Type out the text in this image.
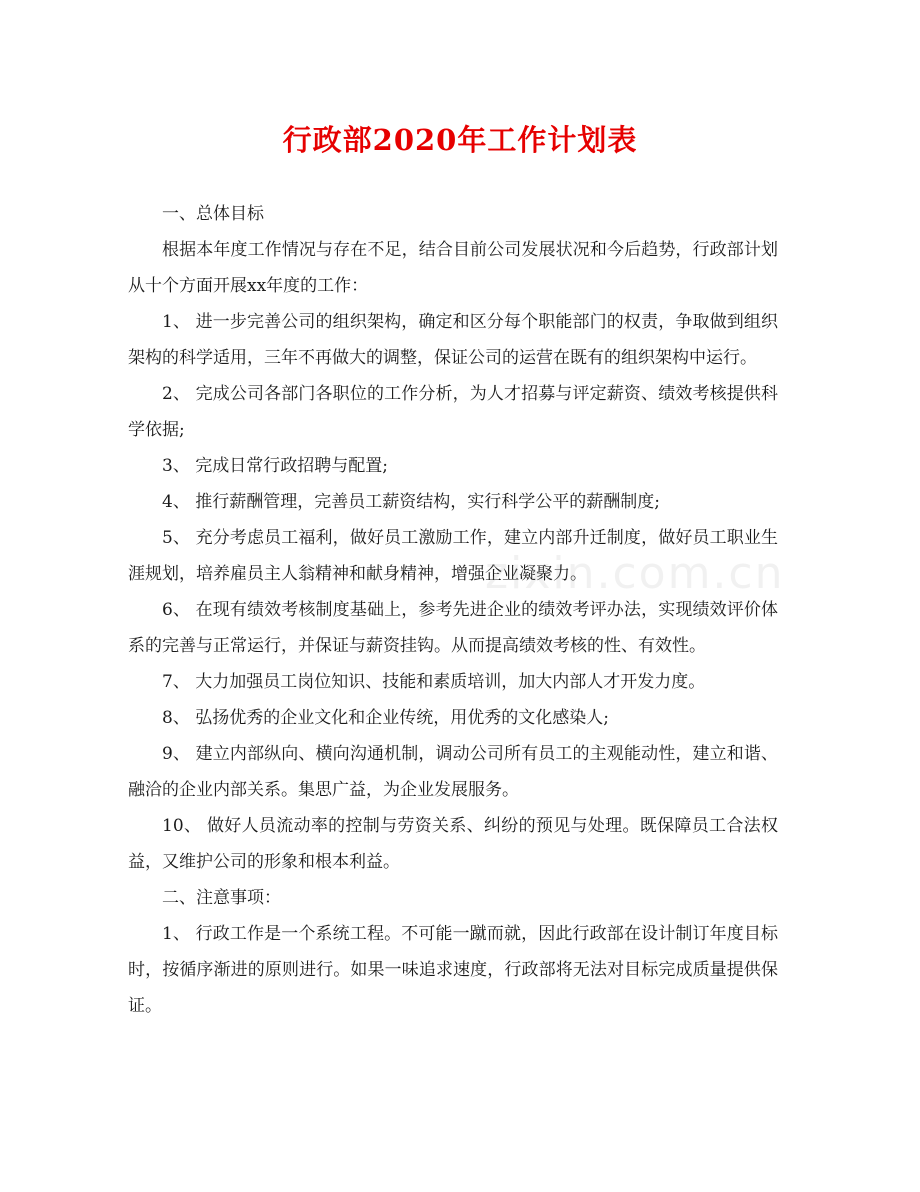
行政部2020年工作计划表

一、总体目标

根据本年度工作情况与存在不足，结合目前公司发展状况和今后趋势，行政部计划从十个方面开展xx年度的工作：

1、 进一步完善公司的组织架构，确定和区分每个职能部门的权责，争取做到组织架构的科学适用，三年不再做大的调整，保证公司的运营在既有的组织架构中运行。

2、 完成公司各部门各职位的工作分析，为人才招募与评定薪资、绩效考核提供科学依据;

3、 完成日常行政招聘与配置;

4、 推行薪酬管理，完善员工薪资结构，实行科学公平的薪酬制度;

5、 充分考虑员工福利，做好员工激励工作，建立内部升迁制度，做好员工职业生涯规划，培养雇员主人翁精神和献身精神，增强企业凝聚力。

6、 在现有绩效考核制度基础上，参考先进企业的绩效考评办法，实现绩效评价体系的完善与正常运行，并保证与薪资挂钩。从而提高绩效考核的性、有效性。

7、 大力加强员工岗位知识、技能和素质培训，加大内部人才开发力度。

8、 弘扬优秀的企业文化和企业传统，用优秀的文化感染人;

9、 建立内部纵向、横向沟通机制，调动公司所有员工的主观能动性，建立和谐、融洽的企业内部关系。集思广益，为企业发展服务。

10、 做好人员流动率的控制与劳资关系、纠纷的预见与处理。既保障员工合法权益，又维护公司的形象和根本利益。

二、注意事项：

1、 行政工作是一个系统工程。不可能一蹴而就，因此行政部在设计制订年度目标时，按循序渐进的原则进行。如果一味追求速度，行政部将无法对目标完成质量提供保证。

zixin.com.cn
